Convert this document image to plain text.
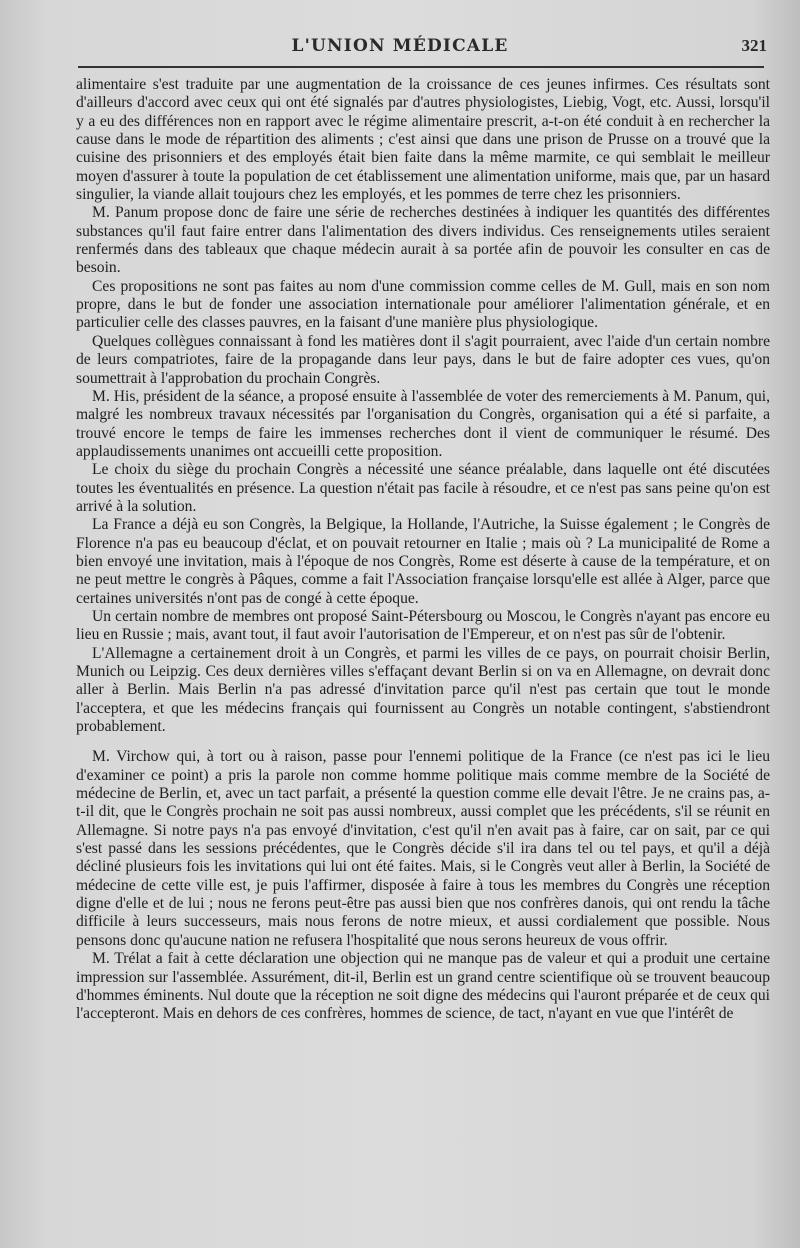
L'UNION MÉDICALE	321

alimentaire s'est traduite par une augmentation de la croissance de ces jeunes infirmes. Ces résultats sont d'ailleurs d'accord avec ceux qui ont été signalés par d'autres physiologistes, Liebig, Vogt, etc. Aussi, lorsqu'il y a eu des différences non en rapport avec le régime alimentaire prescrit, a-t-on été conduit à en rechercher la cause dans le mode de répartition des aliments ; c'est ainsi que dans une prison de Prusse on a trouvé que la cuisine des prisonniers et des employés était bien faite dans la même marmite, ce qui semblait le meilleur moyen d'assurer à toute la population de cet établissement une alimentation uniforme, mais que, par un hasard singulier, la viande allait toujours chez les employés, et les pommes de terre chez les prisonniers.

M. Panum propose donc de faire une série de recherches destinées à indiquer les quantités des différentes substances qu'il faut faire entrer dans l'alimentation des divers individus. Ces renseignements utiles seraient renfermés dans des tableaux que chaque médecin aurait à sa portée afin de pouvoir les consulter en cas de besoin.

Ces propositions ne sont pas faites au nom d'une commission comme celles de M. Gull, mais en son nom propre, dans le but de fonder une association internationale pour améliorer l'alimentation générale, et en particulier celle des classes pauvres, en la faisant d'une manière plus physiologique.

Quelques collègues connaissant à fond les matières dont il s'agit pourraient, avec l'aide d'un certain nombre de leurs compatriotes, faire de la propagande dans leur pays, dans le but de faire adopter ces vues, qu'on soumettrait à l'approbation du prochain Congrès.

M. His, président de la séance, a proposé ensuite à l'assemblée de voter des remerciements à M. Panum, qui, malgré les nombreux travaux nécessités par l'organisation du Congrès, organisation qui a été si parfaite, a trouvé encore le temps de faire les immenses recherches dont il vient de communiquer le résumé. Des applaudissements unanimes ont accueilli cette proposition.

Le choix du siège du prochain Congrès a nécessité une séance préalable, dans laquelle ont été discutées toutes les éventualités en présence. La question n'était pas facile à résoudre, et ce n'est pas sans peine qu'on est arrivé à la solution.

La France a déjà eu son Congrès, la Belgique, la Hollande, l'Autriche, la Suisse également ; le Congrès de Florence n'a pas eu beaucoup d'éclat, et on pouvait retourner en Italie ; mais où ? La municipalité de Rome a bien envoyé une invitation, mais à l'époque de nos Congrès, Rome est déserte à cause de la température, et on ne peut mettre le congrès à Pâques, comme a fait l'Association française lorsqu'elle est allée à Alger, parce que certaines universités n'ont pas de congé à cette époque.

Un certain nombre de membres ont proposé Saint-Pétersbourg ou Moscou, le Congrès n'ayant pas encore eu lieu en Russie ; mais, avant tout, il faut avoir l'autorisation de l'Empereur, et on n'est pas sûr de l'obtenir.

L'Allemagne a certainement droit à un Congrès, et parmi les villes de ce pays, on pourrait choisir Berlin, Munich ou Leipzig. Ces deux dernières villes s'effaçant devant Berlin si on va en Allemagne, on devrait donc aller à Berlin. Mais Berlin n'a pas adressé d'invitation parce qu'il n'est pas certain que tout le monde l'acceptera, et que les médecins français qui fournissent au Congrès un notable contingent, s'abstiendront probablement.

M. Virchow qui, à tort ou à raison, passe pour l'ennemi politique de la France (ce n'est pas ici le lieu d'examiner ce point) a pris la parole non comme homme politique mais comme membre de la Société de médecine de Berlin, et, avec un tact parfait, a présenté la question comme elle devait l'être. Je ne crains pas, a-t-il dit, que le Congrès prochain ne soit pas aussi nombreux, aussi complet que les précédents, s'il se réunit en Allemagne. Si notre pays n'a pas envoyé d'invitation, c'est qu'il n'en avait pas à faire, car on sait, par ce qui s'est passé dans les sessions précédentes, que le Congrès décide s'il ira dans tel ou tel pays, et qu'il a déjà décliné plusieurs fois les invitations qui lui ont été faites. Mais, si le Congrès veut aller à Berlin, la Société de médecine de cette ville est, je puis l'affirmer, disposée à faire à tous les membres du Congrès une réception digne d'elle et de lui ; nous ne ferons peut-être pas aussi bien que nos confrères danois, qui ont rendu la tâche difficile à leurs successeurs, mais nous ferons de notre mieux, et aussi cordialement que possible. Nous pensons donc qu'aucune nation ne refusera l'hospitalité que nous serons heureux de vous offrir.

M. Trélat a fait à cette déclaration une objection qui ne manque pas de valeur et qui a produit une certaine impression sur l'assemblée. Assurément, dit-il, Berlin est un grand centre scientifique où se trouvent beaucoup d'hommes éminents. Nul doute que la réception ne soit digne des médecins qui l'auront préparée et de ceux qui l'accepteront. Mais en dehors de ces confrères, hommes de science, de tact, n'ayant en vue que l'intérêt de
